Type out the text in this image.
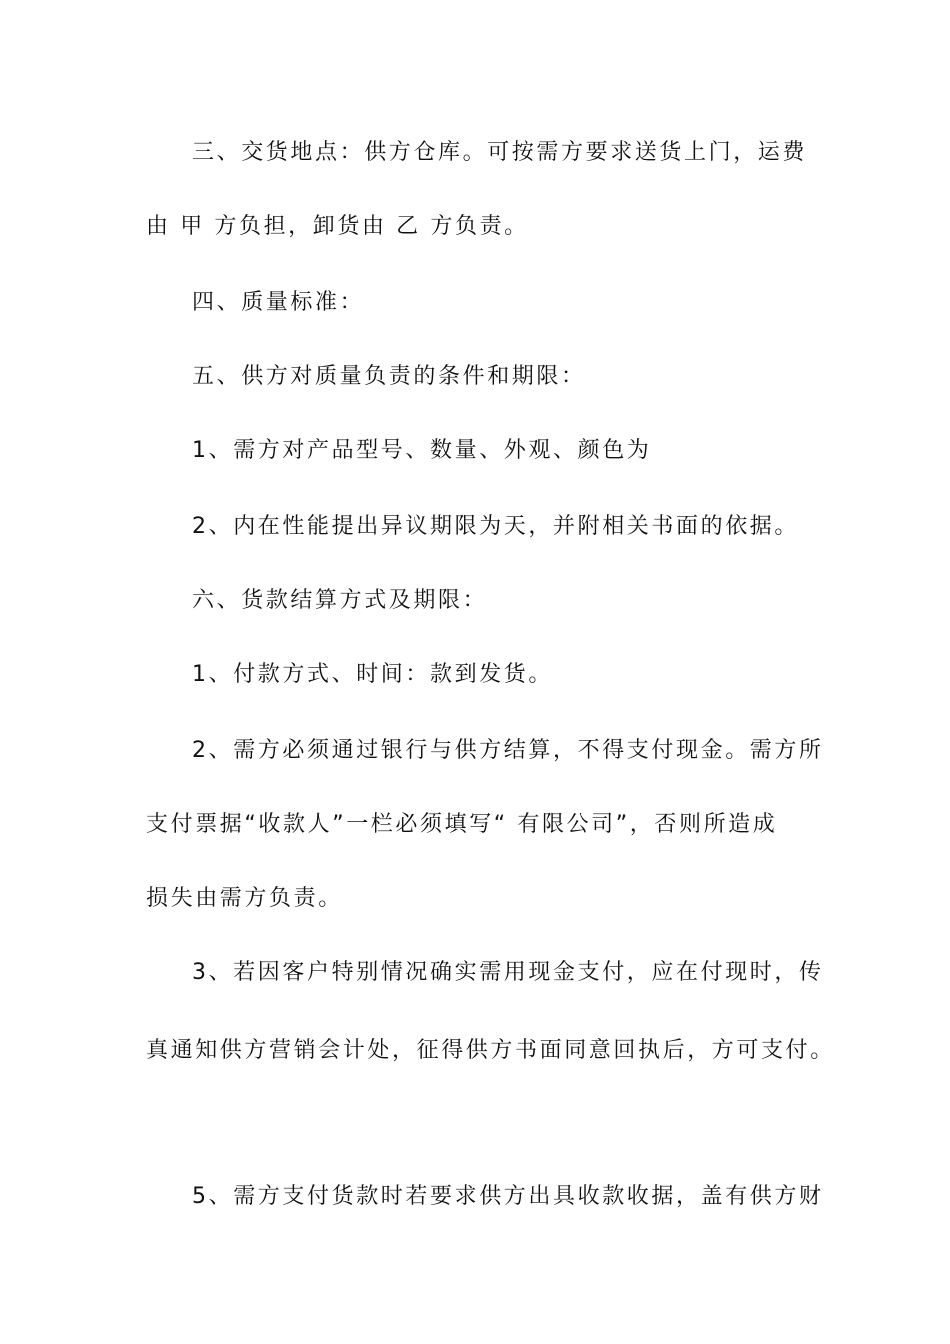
三、交货地点：供方仓库。可按需方要求送货上门，运费
由 甲 方负担，卸货由 乙 方负责。
四、质量标准：
五、供方对质量负责的条件和期限：
1、需方对产品型号、数量、外观、颜色为
2、内在性能提出异议期限为天，并附相关书面的依据。
六、货款结算方式及期限：
1、付款方式、时间：款到发货。
2、需方必须通过银行与供方结算，不得支付现金。需方所
支付票据“收款人”一栏必须填写“ 有限公司”，否则所造成
损失由需方负责。
3、若因客户特别情况确实需用现金支付，应在付现时，传
真通知供方营销会计处，征得供方书面同意回执后，方可支付。
5、需方支付货款时若要求供方出具收款收据，盖有供方财
